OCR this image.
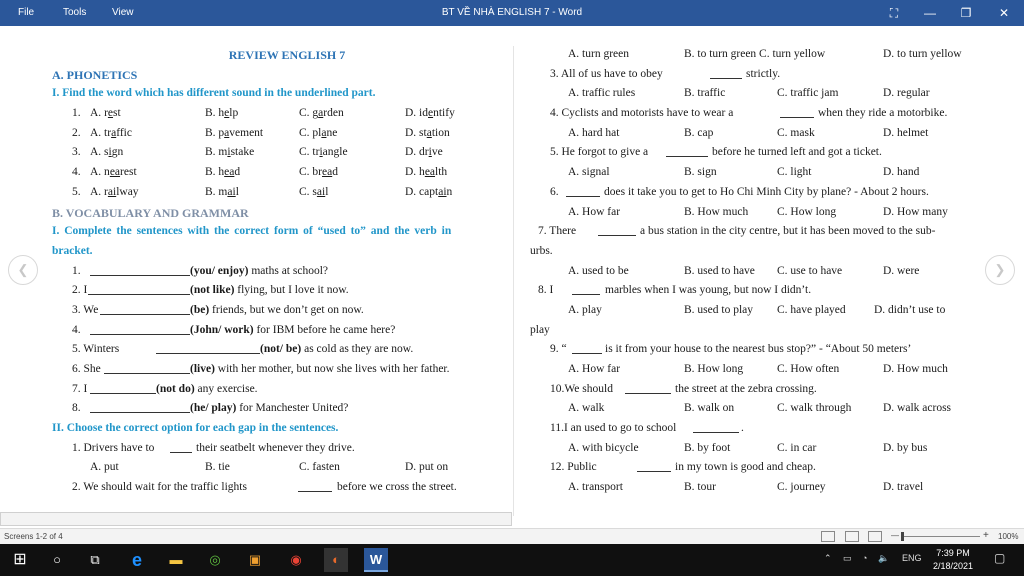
File	Tools	View	BT VỀ NHÀ ENGLISH 7 - Word	⛶	—	❐	✕
REVIEW ENGLISH 7
A. PHONETICS
I. Find the word which has different sound in the underlined part.
1. A. rest	B. help	C. garden	D. identify
2. A. traffic	B. pavement	C. plane	D. station
3. A. sign	B. mistake	C. triangle	D. drive
4. A. nearest	B. head	C. bread	D. health
5. A. railway	B. mail	C. sail	D. captain
B. VOCABULARY AND GRAMMAR
I. Complete the sentences with the correct form of “used to” and the verb in
bracket.
1.	(you/ enjoy) maths at school?
2. I	(not like) flying, but I love it now.
3. We	(be) friends, but we don’t get on now.
4.	(John/ work) for IBM before he came here?
5. Winters	(not/ be) as cold as they are now.
6. She	(live) with her mother, but now she lives with her father.
7. I	(not do) any exercise.
8.	(he/ play) for Manchester United?
II. Choose the correct option for each gap in the sentences.
1. Drivers have to	their seatbelt whenever they drive.
A. put	B. tie	C. fasten	D. put on
2. We should wait for the traffic lights	before we cross the street.
A. turn green	B. to turn green C. turn yellow	D. to turn yellow
3. All of us have to obey	strictly.
A. traffic rules	B. traffic	C. traffic jam	D. regular
4. Cyclists and motorists have to wear a	when they ride a motorbike.
A. hard hat	B. cap	C. mask	D. helmet
5. He forgot to give a	before he turned left and got a ticket.
A. signal	B. sign	C. light	D. hand
6.	does it take you to get to Ho Chi Minh City by plane? - About 2 hours.
A. How far	B. How much	C. How long	D. How many
7. There	a bus station in the city centre, but it has been moved to the sub-
urbs.
A. used to be	B. used to have C. use to have	D. were
8. I	marbles when I was young, but now I didn’t.
A. play	B. used to play C. have played D. didn’t use to
play
9. “	is it from your house to the nearest bus stop?” - “About 50 meters’
A. How far	B. How long	C. How often	D. How much
10.We should	the street at the zebra crossing.
A. walk	B. walk on	C. walk through	D. walk across
11.I an used to go to school	.
A. with bicycle	B. by foot	C. in car	D. by bus
12. Public	in my town is good and cheap.
A. transport	B. tour	C. journey	D. travel
❮	❯
Screens 1-2 of 4	—	+ 100%
⊞	○	⧉	e	▬	◎	▣	◉	◐	W	⌃ ▭ ◔ 🔈 ENG	7:39 PM
2/18/2021
▢
